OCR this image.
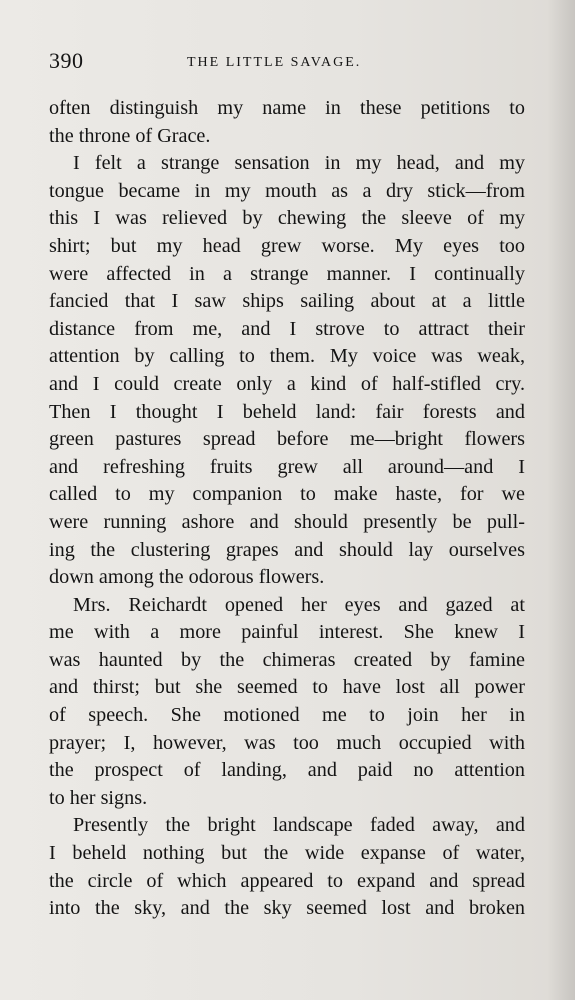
390	THE LITTLE SAVAGE.
often distinguish my name in these petitions to
the throne of Grace.
I felt a strange sensation in my head, and my
tongue became in my mouth as a dry stick—from
this I was relieved by chewing the sleeve of my
shirt; but my head grew worse. My eyes too
were affected in a strange manner. I continually
fancied that I saw ships sailing about at a little
distance from me, and I strove to attract their
attention by calling to them. My voice was weak,
and I could create only a kind of half-stifled cry.
Then I thought I beheld land: fair forests and
green pastures spread before me—bright flowers
and refreshing fruits grew all around—and I
called to my companion to make haste, for we
were running ashore and should presently be pull-
ing the clustering grapes and should lay ourselves
down among the odorous flowers.
Mrs. Reichardt opened her eyes and gazed at
me with a more painful interest. She knew I
was haunted by the chimeras created by famine
and thirst; but she seemed to have lost all power
of speech. She motioned me to join her in
prayer; I, however, was too much occupied with
the prospect of landing, and paid no attention
to her signs.
Presently the bright landscape faded away, and
I beheld nothing but the wide expanse of water,
the circle of which appeared to expand and spread
into the sky, and the sky seemed lost and broken
